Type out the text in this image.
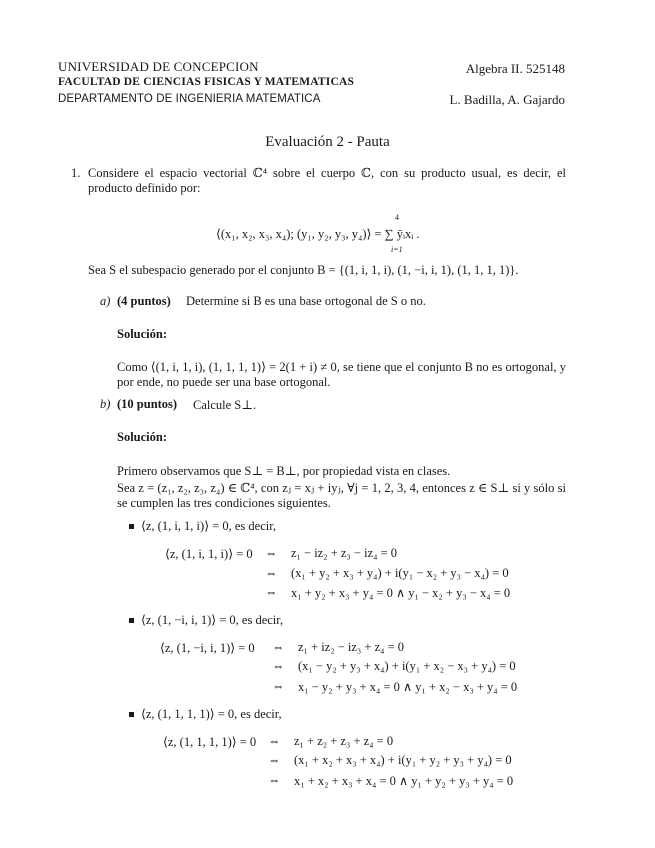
UNIVERSIDAD DE CONCEPCION
FACULTAD DE CIENCIAS FISICAS Y MATEMATICAS
DEPARTAMENTO DE INGENIERIA MATEMATICA
Algebra II. 525148
L. Badilla, A. Gajardo
Evaluación 2 - Pauta
1. Considere el espacio vectorial ℂ⁴ sobre el cuerpo ℂ, con su producto usual, es decir, el producto definido por:
⟨(x₁, x₂, x₃, x₄); (y₁, y₂, y₃, y₄)⟩ = ∑ ȳᵢxᵢ .
4
i=1
Sea S el subespacio generado por el conjunto B = {(1, i, 1, i), (1, −i, i, 1), (1, 1, 1, 1)}.
a) (4 puntos) Determine si B es una base ortogonal de S o no.
Solución:
Como ⟨(1, i, 1, i), (1, 1, 1, 1)⟩ = 2(1 + i) ≠ 0, se tiene que el conjunto B no es ortogonal, y por ende, no puede ser una base ortogonal.
b) (10 puntos) Calcule S⊥.
Solución:
Primero observamos que S⊥ = B⊥, por propiedad vista en clases.
Sea z = (z₁, z₂, z₃, z₄) ∈ ℂ⁴, con zⱼ = xⱼ + iyⱼ, ∀j = 1, 2, 3, 4, entonces z ∈ S⊥ si y sólo si se cumplen las tres condiciones siguientes.
⟨z, (1, i, 1, i)⟩ = 0, es decir,
⟨z, (1, i, 1, i)⟩ = 0 ⇔ z₁ − iz₂ + z₃ − iz₄ = 0
⇔ (x₁ + y₂ + x₃ + y₄) + i(y₁ − x₂ + y₃ − x₄) = 0
⇔ x₁ + y₂ + x₃ + y₄ = 0 ∧ y₁ − x₂ + y₃ − x₄ = 0
⟨z, (1, −i, i, 1)⟩ = 0, es decir,
⟨z, (1, −i, i, 1)⟩ = 0 ⇔ z₁ + iz₂ − iz₃ + z₄ = 0
⇔ (x₁ − y₂ + y₃ + x₄) + i(y₁ + x₂ − x₃ + y₄) = 0
⇔ x₁ − y₂ + y₃ + x₄ = 0 ∧ y₁ + x₂ − x₃ + y₄ = 0
⟨z, (1, 1, 1, 1)⟩ = 0, es decir,
⟨z, (1, 1, 1, 1)⟩ = 0 ⇔ z₁ + z₂ + z₃ + z₄ = 0
⇔ (x₁ + x₂ + x₃ + x₄) + i(y₁ + y₂ + y₃ + y₄) = 0
⇔ x₁ + x₂ + x₃ + x₄ = 0 ∧ y₁ + y₂ + y₃ + y₄ = 0
